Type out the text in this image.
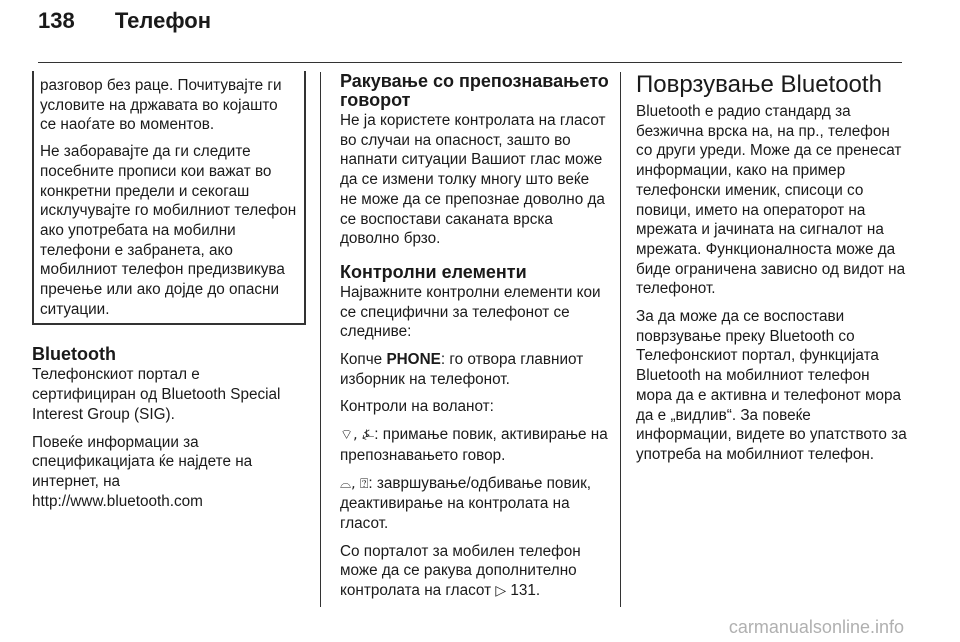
138 Телефон

разговор без раце. Почитувајте ги условите на државата во којашто се наоѓате во моментов.

Не заборавајте да ги следите посебните прописи кои важат во конкретни предели и секогаш исклучувајте го мобилниот телефон ако употребата на мобилни телефони е забранета, ако мобилниот телефон предизвикува пречење или ако дојде до опасни ситуации.

Bluetooth

Телефонскиот портал е сертифициран од Bluetooth Special Interest Group (SIG).

Повеќе информации за спецификацијата ќе најдете на интернет, на
http://www.bluetooth.com

Ракување со препознавањето говорот

Не ја користете контролата на гласот во случаи на опасност, зашто во напнати ситуации Вашиот глас може да се измени толку многу што веќе не може да се препознае доволно да се воспостави саканата врска доволно брзо.

Контролни елементи

Најважните контролни елементи кои се специфични за телефонот се следниве:

Копче PHONE: го отвора главниот изборник на телефонот.

Контроли на воланот:

⌔, ⍼: примање повик, активирање на препознавањето говор.

⌓, ⍰: завршување/одбивање повик, деактивирање на контролата на гласот.

Со порталот за мобилен телефон може да се ракува дополнително контролата на гласот ▷ 131.

Поврзување Bluetooth

Bluetooth е радио стандард за безжична врска на, на пр., телефон со други уреди. Може да се пренесат информации, како на пример телефонски именик, списоци со повици, името на операторот на мрежата и јачината на сигналот на мрежата. Функционалноста може да биде ограничена зависно од видот на телефонот.

За да може да се воспостави поврзување преку Bluetooth со Телефонскиот портал, функцијата Bluetooth на мобилниот телефон мора да е активна и телефонот мора да е „видлив“. За повеќе информации, видете во упатството за употреба на мобилниот телефон.

carmanualsonline.info
